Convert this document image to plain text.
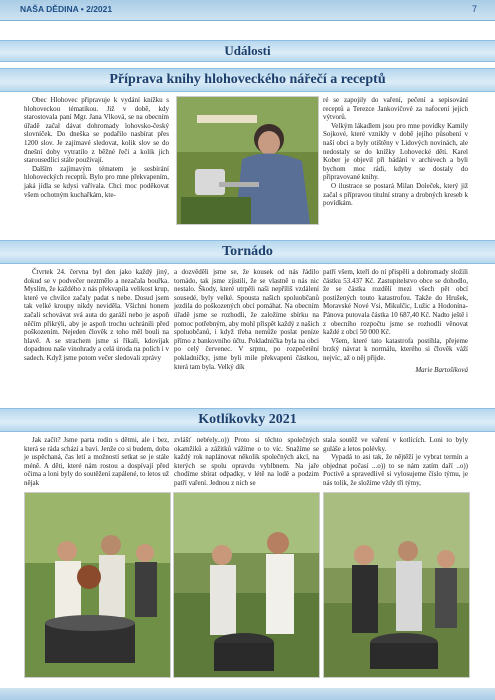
NAŠA DĚDINA • 2/2021	7
Události
Příprava knihy hlohoveckého nářečí a receptů

Obec Hlohovec připravuje k vydání knížku s hlohoveckou tématikou. Již v době, kdy starostovala paní Mgr. Jana Vlková, se na obecním úřadě začal dávat dohromady lohovsko-český slovníček. Do dneška se podařilo nasbírat přes 1200 slov. Je zajímavé sledovat, kolik slov se do dnešní doby vytratilo z běžné řeči a kolik jich starousedlíci stále používají.

Dalším zajímavým tématem je sesbírání hlohoveckých receptů. Bylo pro mne překvapením, jaká jídla se kdysi vařívala. Chci moc poděkovat všem ochotným kuchařkám, kte-

ré se zapojily do vaření, pečení a sepisování receptů a Terezce Jankovičové za nafocení jejich výtvorů.

Velkým lákadlem jsou pro mne povídky Kamily Sojkové, které vznikly v době jejího působení v naší obci a byly otištěny v Lidových novinách, ale nedostaly se do knížky Lohovecké děti. Karel Kober je objevil při bádání v archivech a byli bychom moc rádi, kdyby se dostaly do připravované knihy.

O ilustrace se postará Milan Doleček, který již začal s přípravou titulní strany a drobných kreseb k povídkám.

Tornádo

Čtvrtek 24. června byl den jako každý jiný, dokud se v podvečer neztmělo a nezačala bouřka. Myslím, že každého z nás překvapila velikost krup, které ve chvilce začaly padat s nebe. Dosud jsem tak velké kroupy nikdy neviděla. Všichni honem začali schovávat svá auta do garáží nebo je aspoň něčím přikrýli, aby je aspoň trochu uchránili před poškozením. Nejeden člověk z toho měl bouli na hlavě. A se strachem jsme si říkali, kdovíjak dopadnou naše vinohrady a celá úroda na polích i v sadech. Když jsme potom večer sledovali zprávy

a dozvěděli jsme se, že kousek od nás řádilo tornádo, tak jsme zjistili, že se vlastně u nás nic nestalo. Škody, které utrpěli naši nepříliš vzdálení sousedé, byly velké. Spousta našich spoluobčanů jezdila do poškozených obcí pomáhat. Na obecním úřadě jsme se rozhodli, že založíme sbírku na pomoc potřebným, aby mohl přispět každý z našich spoluobčanů, i když třeba nemůže poslat peníze přímo z bankovního účtu. Pokladnička byla na obci po celý červenec. V srpnu, po rozpečetění pokladničky, jsme byli mile překvapeni částkou, která tam byla. Velký dík

patří všem, kteří do ní přispěli a dohromady složili částku 53.437 Kč. Zastupitelstvo obce se dohodlo, že se částka rozdělí mezi všech pět obcí postižených touto katastrofou. Takže do Hrušek, Moravské Nové Vsi, Mikulčic, Lužic a Hodonína-Pánova putovala částka 10 687,40 Kč. Nadto ještě i z obecního rozpočtu jsme se rozhodli věnovat každé z obcí 50 000 Kč.

Všem, které tato katastrofa postihla, přejeme brzký návrat k normálu, kterého si člověk váží nejvíc, až o něj přijde.

Marie Bartošíková
Kotlíkovky 2021

Jak začít? Jsme parta rodin s dětmi, ale i bez, která se ráda schází a baví. Jenže co si budem, doba je uspěchaná, čas letí a možností setkat se je stále méně. A děti, které nám rostou a dospívají před očima a loni byly do soutěžení zapálené, to letos už nějak

zvlášť nebŕely..o)) Proto si těchto společných okamžiků a zážitků vážíme o to víc. Snažíme se každý rok naplánovat několik společných akcí, na kterých se spolu opravdu vyblbnem. Na jaře chodíme sbírat odpadky, v létě na lodě a podzim patří vaření. Jednou z nich se

stala soutěž ve vaření v kotlících. Loni to byly guláše a letos polévky.

Vypadá to asi tak, že nějtěží je vybrat termín a objednat počasí ...o)) to se nám zatím daří ..o)) Poctivě a spravedlivě si vylosujeme číslo týmu, je nás tolik, že složíme vždy tři týmy,
